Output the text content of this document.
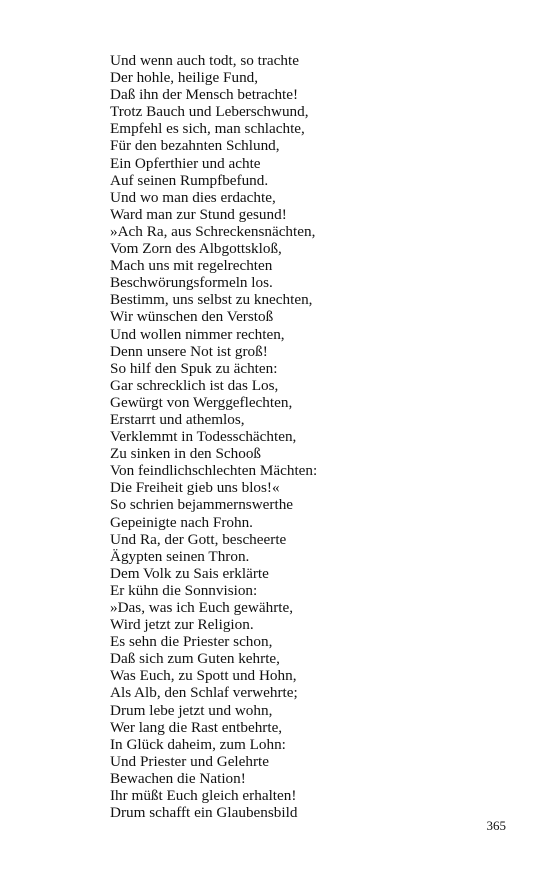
Und wenn auch todt, so trachte
Der hohle, heilige Fund,
Daß ihn der Mensch betrachte!
Trotz Bauch und Leberschwund,
Empfehl es sich, man schlachte,
Für den bezahnten Schlund,
Ein Opferthier und achte
Auf seinen Rumpfbefund.
Und wo man dies erdachte,
Ward man zur Stund gesund!
»Ach Ra, aus Schreckensnächten,
Vom Zorn des Albgottskloß,
Mach uns mit regelrechten
Beschwörungsformeln los.
Bestimm, uns selbst zu knechten,
Wir wünschen den Verstoß
Und wollen nimmer rechten,
Denn unsere Not ist groß!
So hilf den Spuk zu ächten:
Gar schrecklich ist das Los,
Gewürgt von Werggeflechten,
Erstarrt und athemlos,
Verklemmt in Todesschächten,
Zu sinken in den Schooß
Von feindlichschlechten Mächten:
Die Freiheit gieb uns blos!«
So schrien bejammernswerthe
Gepeinigte nach Frohn.
Und Ra, der Gott, bescheerte
Ägypten seinen Thron.
Dem Volk zu Sais erklärte
Er kühn die Sonnvision:
»Das, was ich Euch gewährte,
Wird jetzt zur Religion.
Es sehn die Priester schon,
Daß sich zum Guten kehrte,
Was Euch, zu Spott und Hohn,
Als Alb, den Schlaf verwehrte;
Drum lebe jetzt und wohn,
Wer lang die Rast entbehrte,
In Glück daheim, zum Lohn:
Und Priester und Gelehrte
Bewachen die Nation!
Ihr müßt Euch gleich erhalten!
Drum schafft ein Glaubensbild
365
